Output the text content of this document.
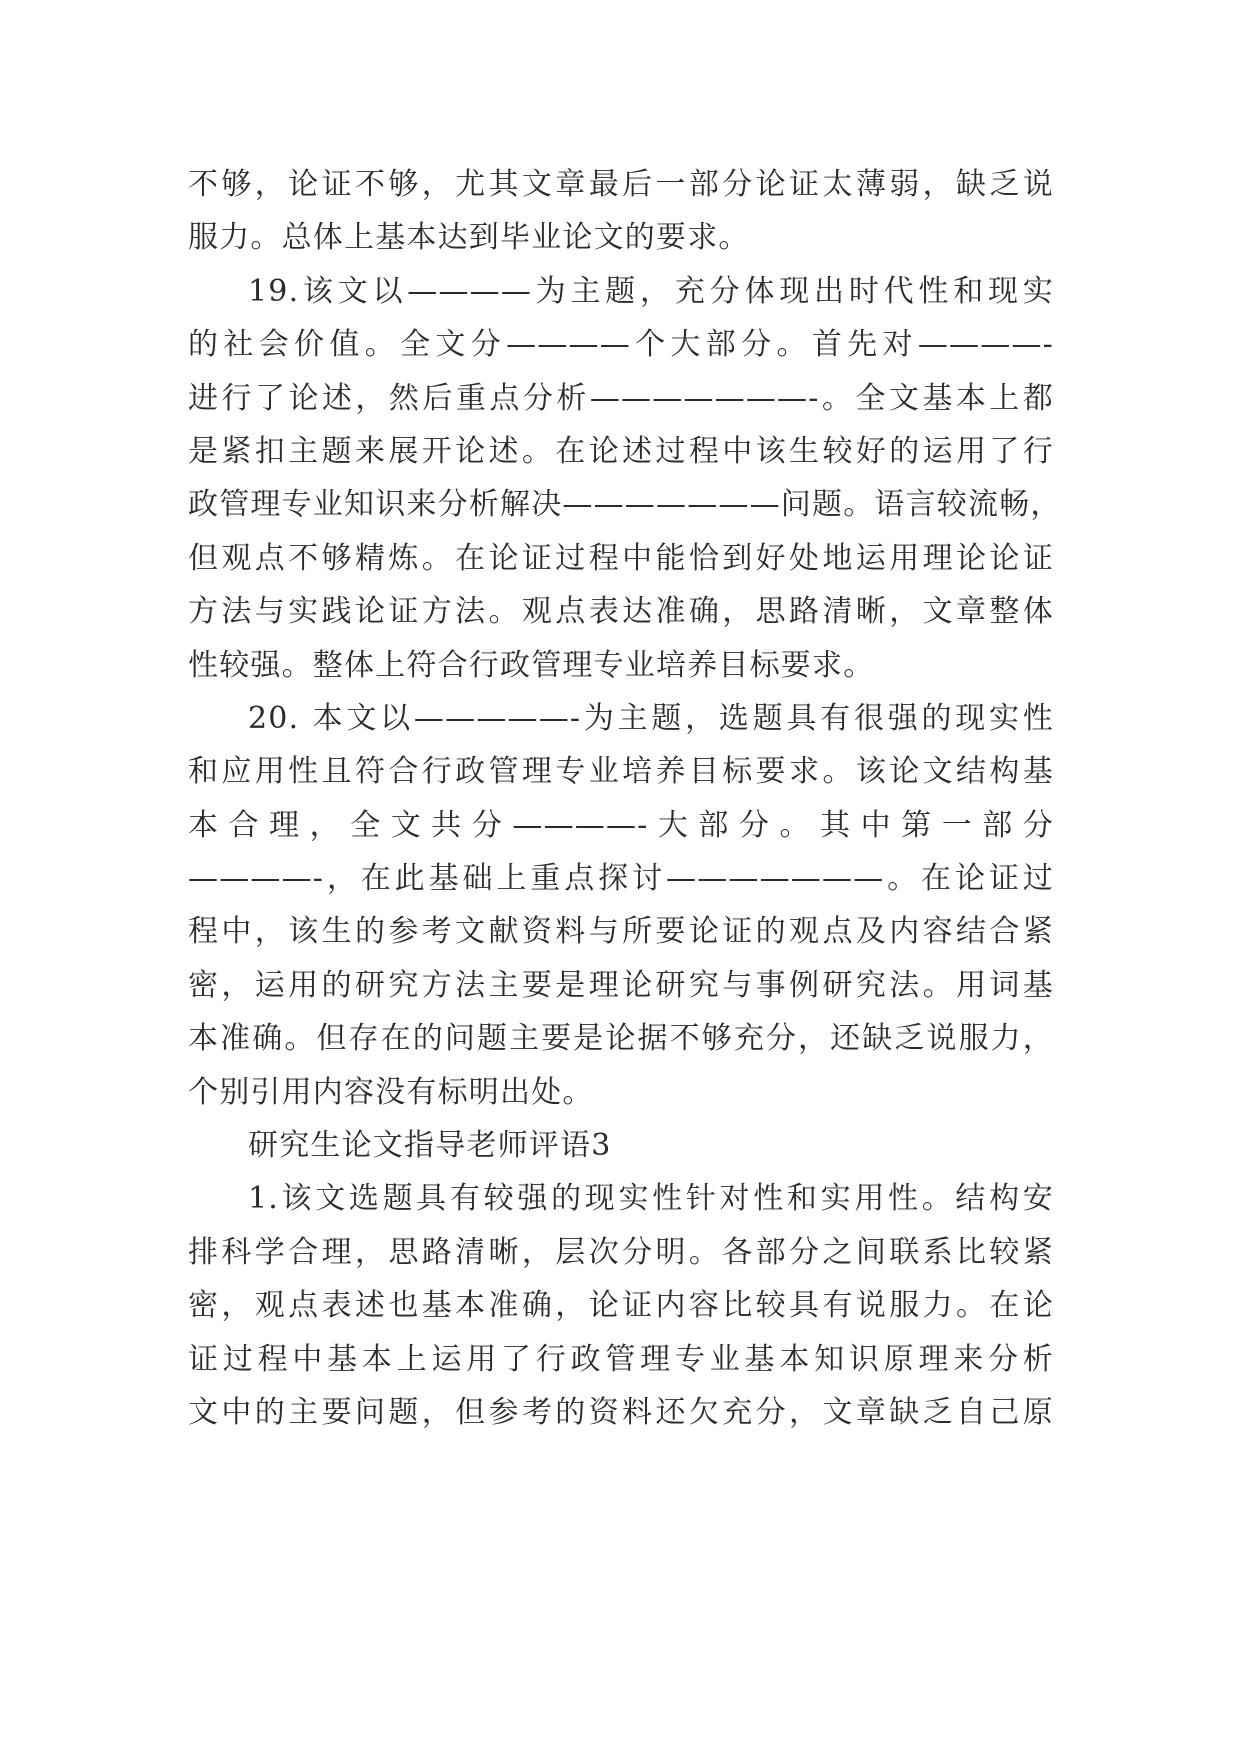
不够，论证不够，尤其文章最后一部分论证太薄弱，缺乏说
服力。总体上基本达到毕业论文的要求。
19.该文以————为主题，充分体现出时代性和现实
的社会价值。全文分————个大部分。首先对————-
进行了论述，然后重点分析———————-。全文基本上都
是紧扣主题来展开论述。在论述过程中该生较好的运用了行
政管理专业知识来分析解决———————问题。语言较流畅，
但观点不够精炼。在论证过程中能恰到好处地运用理论论证
方法与实践论证方法。观点表达准确，思路清晰，文章整体
性较强。整体上符合行政管理专业培养目标要求。
20. 本文以—————-为主题，选题具有很强的现实性
和应用性且符合行政管理专业培养目标要求。该论文结构基
本合理，全文共分————-大部分。其中第一部分
————-，在此基础上重点探讨———————。在论证过
程中，该生的参考文献资料与所要论证的观点及内容结合紧
密，运用的研究方法主要是理论研究与事例研究法。用词基
本准确。但存在的问题主要是论据不够充分，还缺乏说服力，
个别引用内容没有标明出处。
研究生论文指导老师评语3
1.该文选题具有较强的现实性针对性和实用性。结构安
排科学合理，思路清晰，层次分明。各部分之间联系比较紧
密，观点表述也基本准确，论证内容比较具有说服力。在论
证过程中基本上运用了行政管理专业基本知识原理来分析
文中的主要问题，但参考的资料还欠充分，文章缺乏自己原
